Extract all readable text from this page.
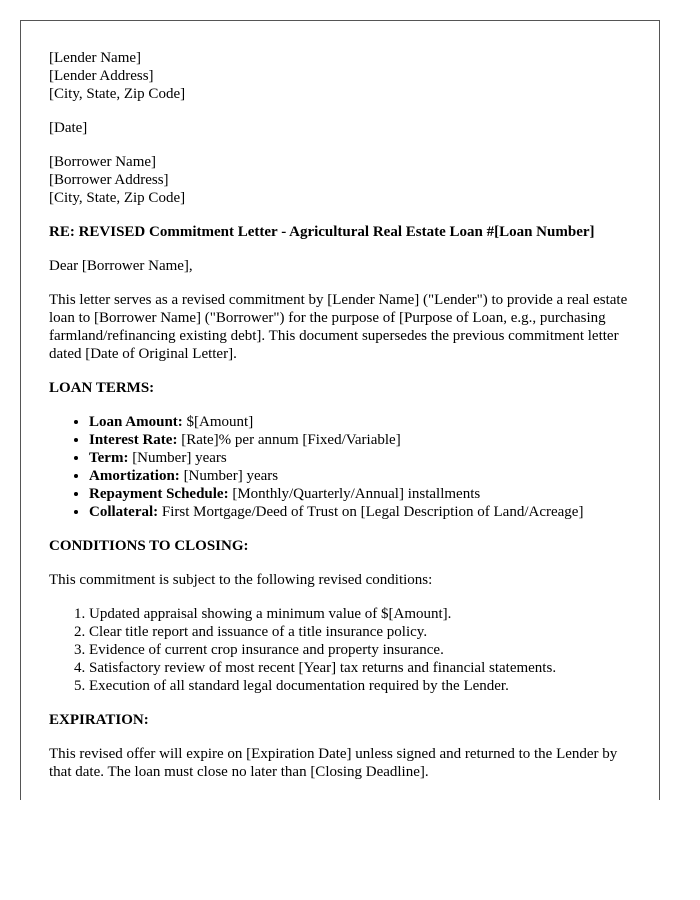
[Lender Name]
[Lender Address]
[City, State, Zip Code]
[Date]
[Borrower Name]
[Borrower Address]
[City, State, Zip Code]
RE: REVISED Commitment Letter - Agricultural Real Estate Loan #[Loan Number]

Dear [Borrower Name],

This letter serves as a revised commitment by [Lender Name] ("Lender") to provide a real estate loan to [Borrower Name] ("Borrower") for the purpose of [Purpose of Loan, e.g., purchasing farmland/refinancing existing debt]. This document supersedes the previous commitment letter dated [Date of Original Letter].

LOAN TERMS:
• Loan Amount: $[Amount]
• Interest Rate: [Rate]% per annum [Fixed/Variable]
• Term: [Number] years
• Amortization: [Number] years
• Repayment Schedule: [Monthly/Quarterly/Annual] installments
• Collateral: First Mortgage/Deed of Trust on [Legal Description of Land/Acreage]
CONDITIONS TO CLOSING:

This commitment is subject to the following revised conditions:

1. Updated appraisal showing a minimum value of $[Amount].
2. Clear title report and issuance of a title insurance policy.
3. Evidence of current crop insurance and property insurance.
4. Satisfactory review of most recent [Year] tax returns and financial statements.
5. Execution of all standard legal documentation required by the Lender.
EXPIRATION:

This revised offer will expire on [Expiration Date] unless signed and returned to the Lender by that date. The loan must close no later than [Closing Deadline].
